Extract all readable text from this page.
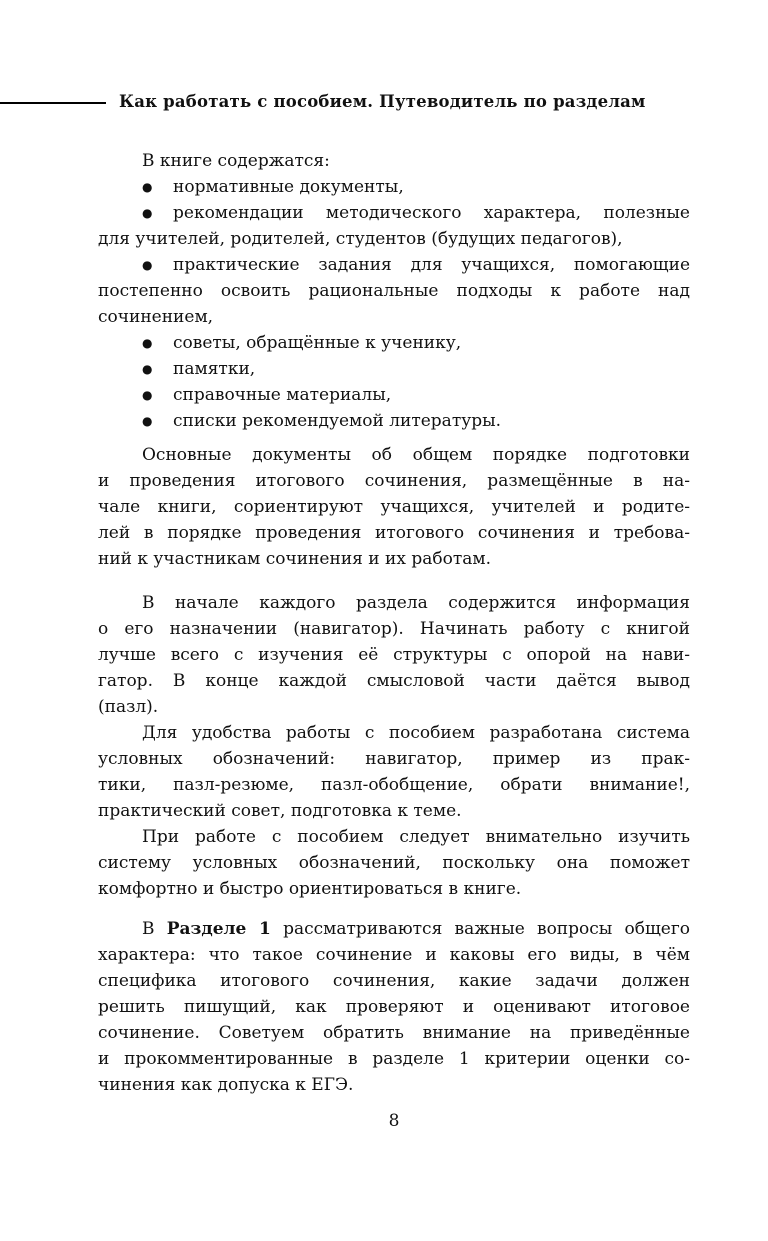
Как работать с пособием. Путеводитель по разделам
В книге содержатся:
● нормативные документы,
● рекомендации методического характера, полезные
для учителей, родителей, студентов (будущих педагогов),
● практические задания для учащихся, помогающие
постепенно освоить рациональные подходы к работе над
сочинением,
● советы, обращённые к ученику,
● памятки,
● справочные материалы,
● списки рекомендуемой литературы.
Основные документы об общем порядке подготовки
и проведения итогового сочинения, размещённые в на-
чале книги, сориентируют учащихся, учителей и родите-
лей в порядке проведения итогового сочинения и требова-
ний к участникам сочинения и их работам.
В начале каждого раздела содержится информация
о его назначении (навигатор). Начинать работу с книгой
лучше всего с изучения её структуры с опорой на нави-
гатор. В конце каждой смысловой части даётся вывод
(пазл).
Для удобства работы с пособием разработана система
условных обозначений: навигатор, пример из прак-
тики, пазл-резюме, пазл-обобщение, обрати внимание!,
практический совет, подготовка к теме.
При работе с пособием следует внимательно изучить
систему условных обозначений, поскольку она поможет
комфортно и быстро ориентироваться в книге.
В Разделе 1 рассматриваются важные вопросы общего
характера: что такое сочинение и каковы его виды, в чём
специфика итогового сочинения, какие задачи должен
решить пишущий, как проверяют и оценивают итоговое
сочинение. Советуем обратить внимание на приведённые
и прокомментированные в разделе 1 критерии оценки со-
чинения как допуска к ЕГЭ.
8
